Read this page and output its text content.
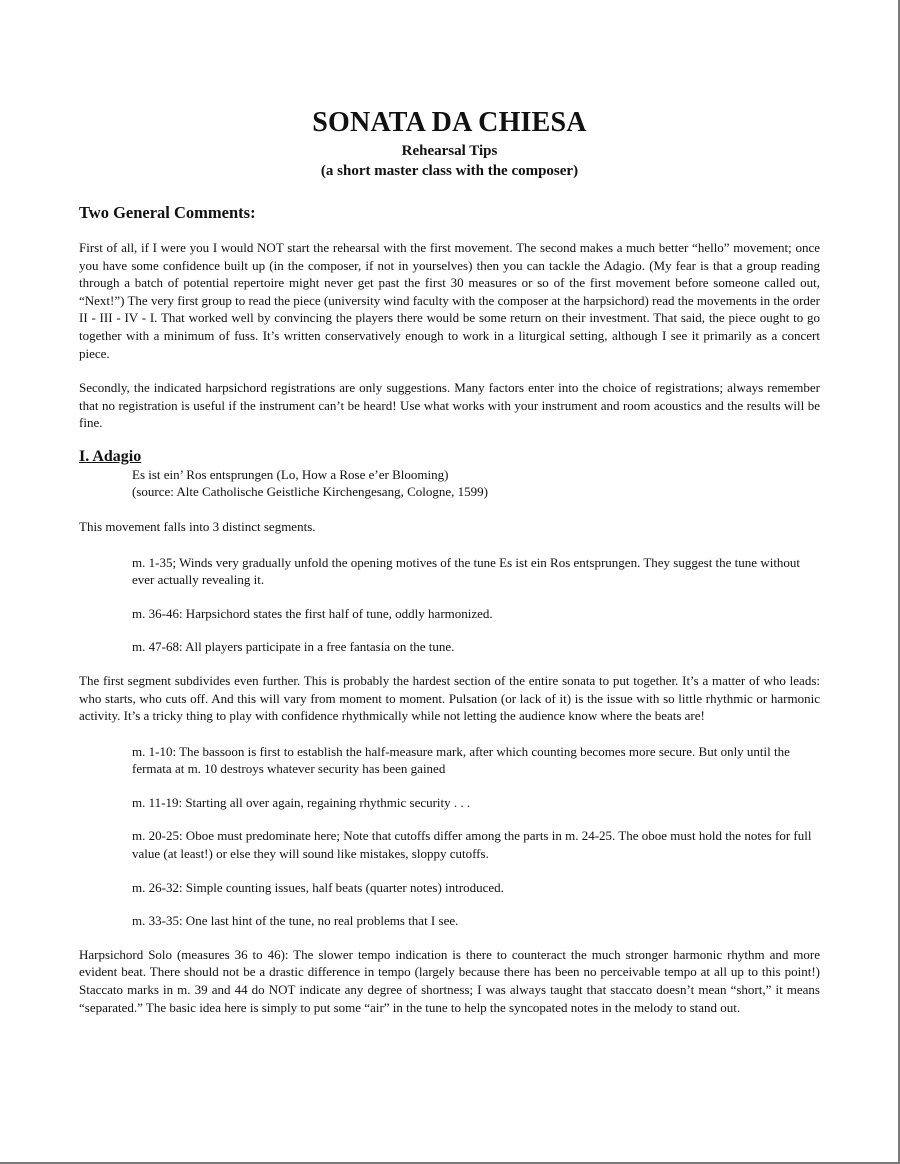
SONATA DA CHIESA
Rehearsal Tips
(a short master class with the composer)
Two General Comments:

First of all, if I were you I would NOT start the rehearsal with the first movement. The second makes a much better “hello” movement; once you have some confidence built up (in the composer, if not in yourselves) then you can tackle the Adagio. (My fear is that a group reading through a batch of potential repertoire might never get past the first 30 measures or so of the first movement before someone called out, “Next!”) The very first group to read the piece (university wind faculty with the composer at the harpsichord) read the movements in the order II - III - IV - I. That worked well by convincing the players there would be some return on their investment. That said, the piece ought to go together with a minimum of fuss. It’s written conservatively enough to work in a liturgical setting, although I see it primarily as a concert piece.

Secondly, the indicated harpsichord registrations are only suggestions. Many factors enter into the choice of registrations; always remember that no registration is useful if the instrument can’t be heard! Use what works with your instrument and room acoustics and the results will be fine.

I. Adagio
Es ist ein’ Ros entsprungen (Lo, How a Rose e’er Blooming)
(source: Alte Catholische Geistliche Kirchengesang, Cologne, 1599)

This movement falls into 3 distinct segments.

m. 1-35; Winds very gradually unfold the opening motives of the tune Es ist ein Ros entsprungen. They suggest the tune without ever actually revealing it.

m. 36-46: Harpsichord states the first half of tune, oddly harmonized.

m. 47-68: All players participate in a free fantasia on the tune.

The first segment subdivides even further. This is probably the hardest section of the entire sonata to put together. It’s a matter of who leads: who starts, who cuts off. And this will vary from moment to moment. Pulsation (or lack of it) is the issue with so little rhythmic or harmonic activity. It’s a tricky thing to play with confidence rhythmically while not letting the audience know where the beats are!

m. 1-10: The bassoon is first to establish the half-measure mark, after which counting becomes more secure. But only until the fermata at m. 10 destroys whatever security has been gained

m. 11-19: Starting all over again, regaining rhythmic security . . .

m. 20-25: Oboe must predominate here; Note that cutoffs differ among the parts in m. 24-25. The oboe must hold the notes for full value (at least!) or else they will sound like mistakes, sloppy cutoffs.

m. 26-32: Simple counting issues, half beats (quarter notes) introduced.

m. 33-35: One last hint of the tune, no real problems that I see.

Harpsichord Solo (measures 36 to 46): The slower tempo indication is there to counteract the much stronger harmonic rhythm and more evident beat. There should not be a drastic difference in tempo (largely because there has been no perceivable tempo at all up to this point!) Staccato marks in m. 39 and 44 do NOT indicate any degree of shortness; I was always taught that staccato doesn’t mean “short,” it means “separated.” The basic idea here is simply to put some “air” in the tune to help the syncopated notes in the melody to stand out.
